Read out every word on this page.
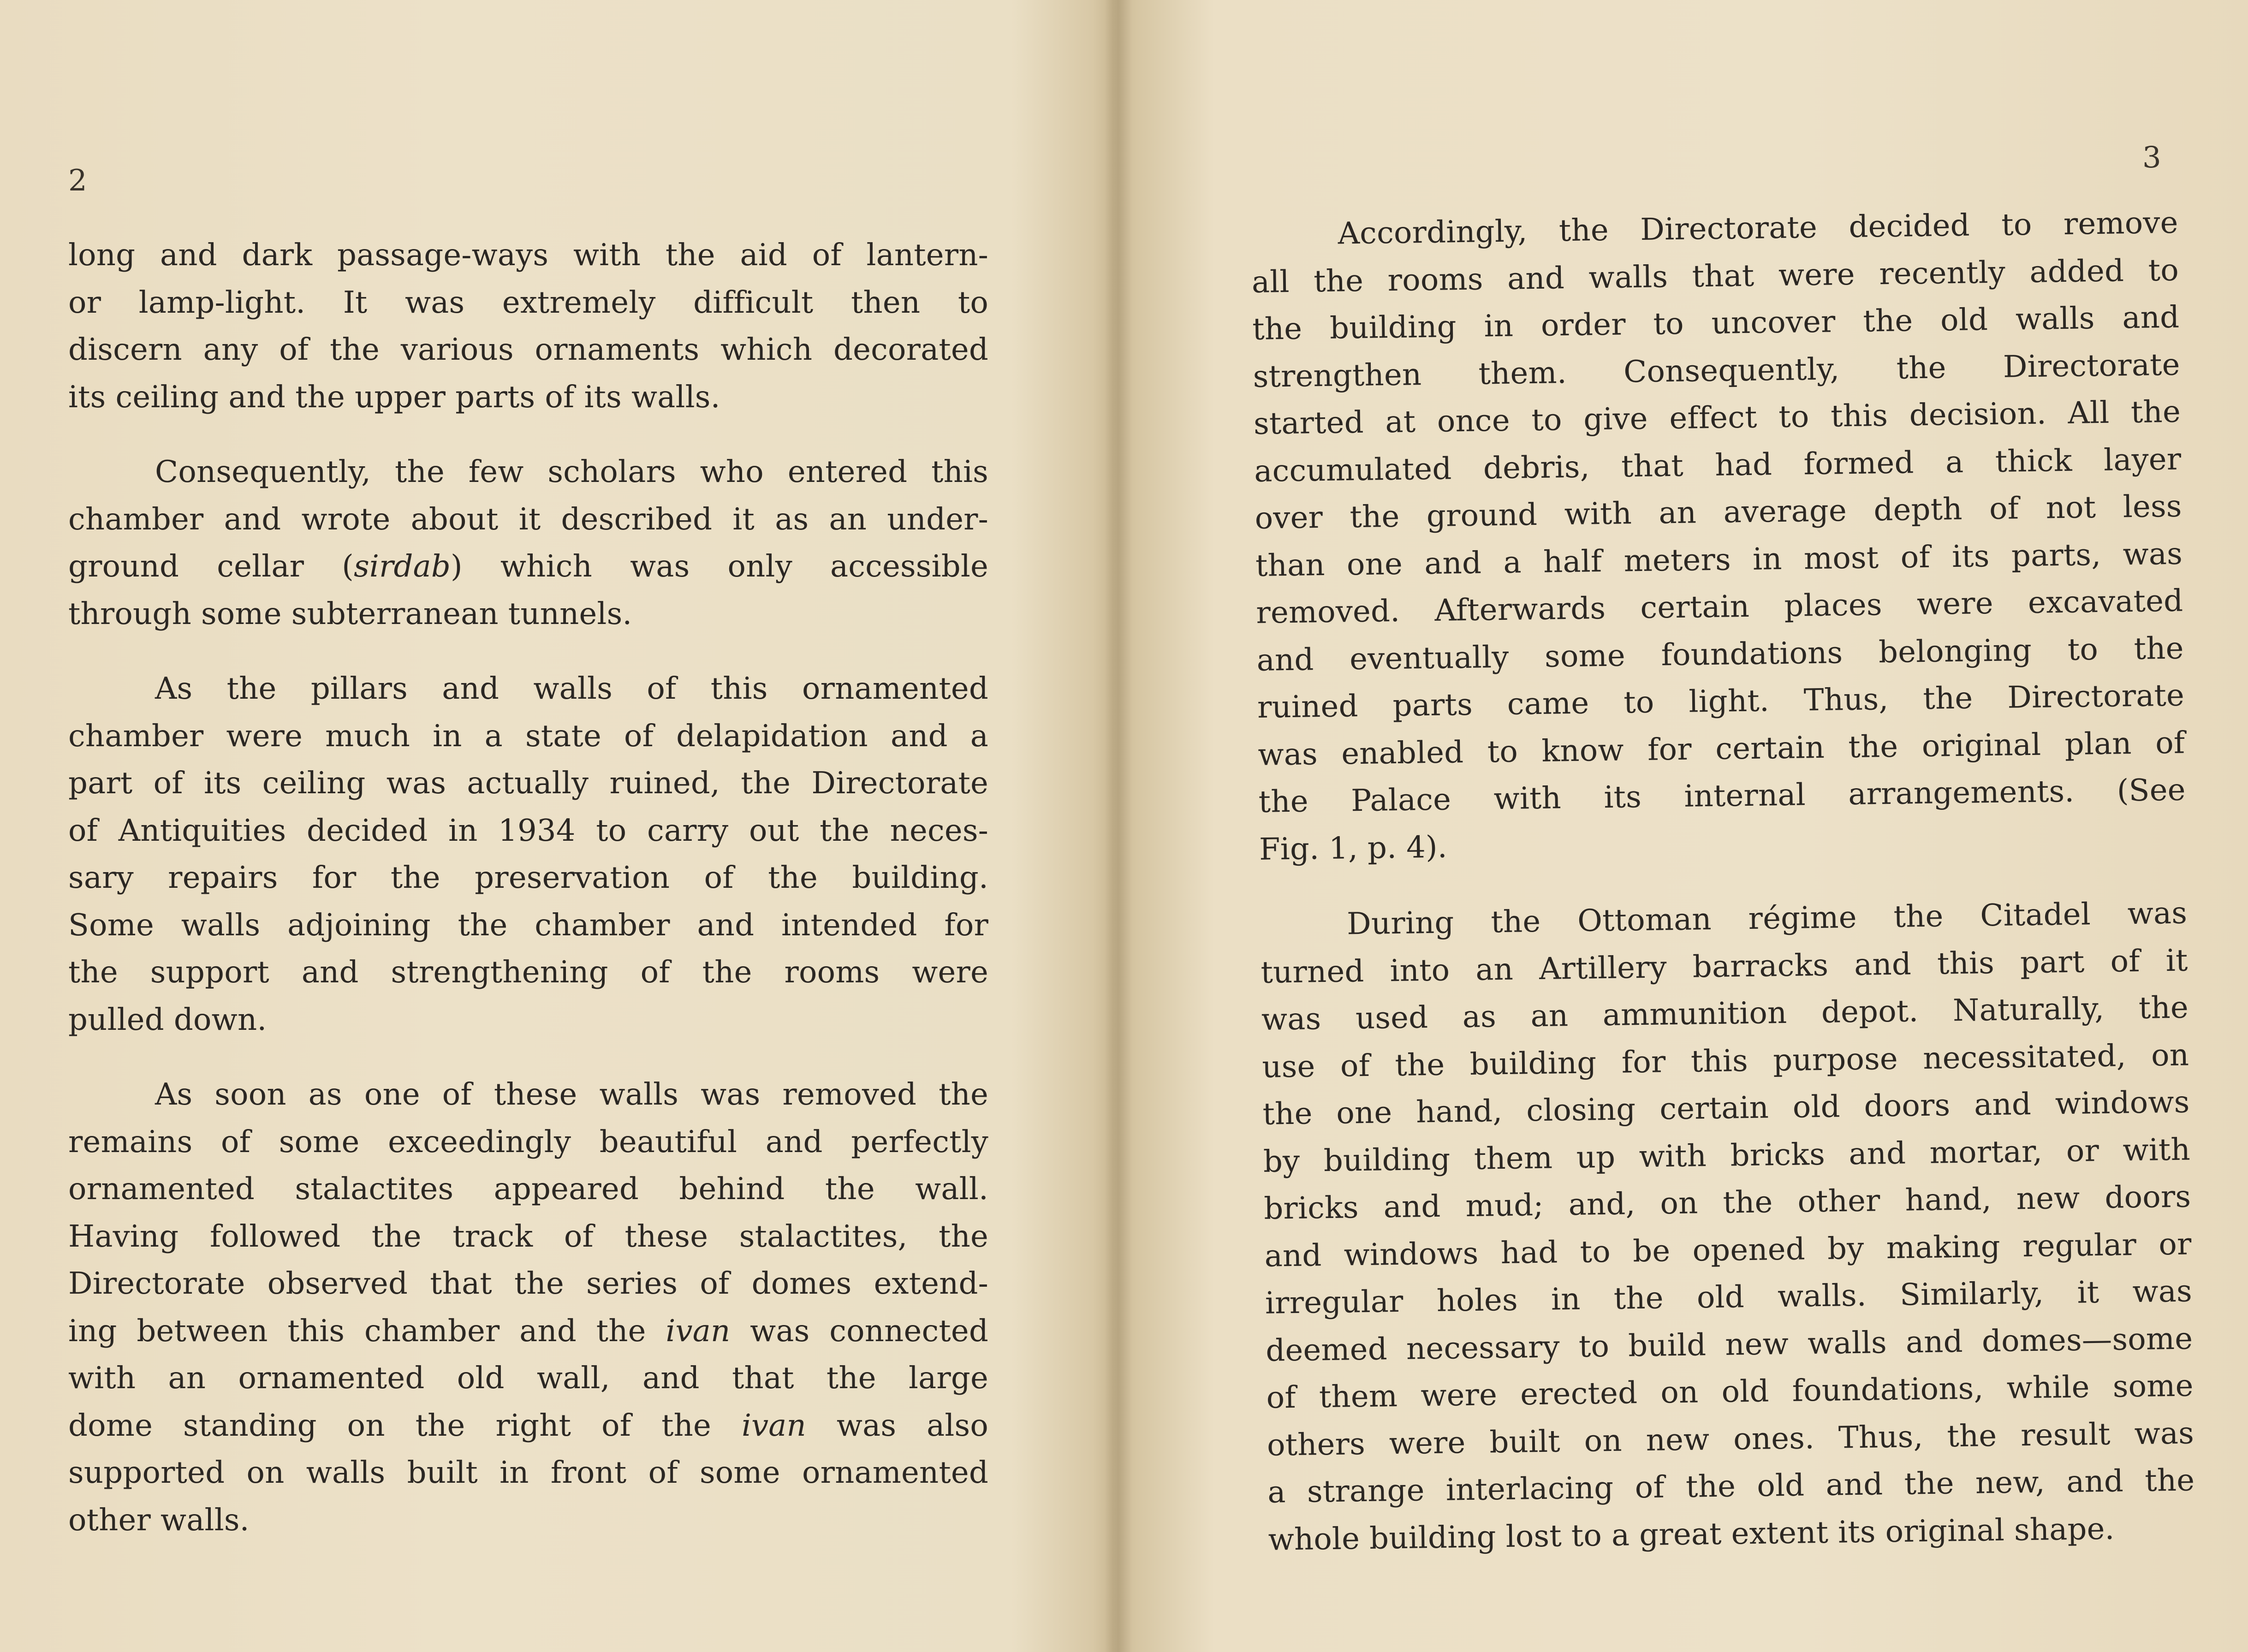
2
long and dark passage-ways with the aid of lantern-
or lamp-light. It was extremely difficult then to
discern any of the various ornaments which decorated
its ceiling and the upper parts of its walls.
Consequently, the few scholars who entered this
chamber and wrote about it described it as an under-
ground cellar (sirdab) which was only accessible
through some subterranean tunnels.
As the pillars and walls of this ornamented
chamber were much in a state of delapidation and a
part of its ceiling was actually ruined, the Directorate
of Antiquities decided in 1934 to carry out the neces-
sary repairs for the preservation of the building.
Some walls adjoining the chamber and intended for
the support and strengthening of the rooms were
pulled down.
As soon as one of these walls was removed the
remains of some exceedingly beautiful and perfectly
ornamented stalactites appeared behind the wall.
Having followed the track of these stalactites, the
Directorate observed that the series of domes extend-
ing between this chamber and the ivan was connected
with an ornamented old wall, and that the large
dome standing on the right of the ivan was also
supported on walls built in front of some ornamented
other walls.
3
Accordingly, the Directorate decided to remove
all the rooms and walls that were recently added to
the building in order to uncover the old walls and
strengthen them. Consequently, the Directorate
started at once to give effect to this decision. All the
accumulated debris, that had formed a thick layer
over the ground with an average depth of not less
than one and a half meters in most of its parts, was
removed. Afterwards certain places were excavated
and eventually some foundations belonging to the
ruined parts came to light. Thus, the Directorate
was enabled to know for certain the original plan of
the Palace with its internal arrangements. (See
Fig. 1, p. 4).
During the Ottoman régime the Citadel was
turned into an Artillery barracks and this part of it
was used as an ammunition depot. Naturally, the
use of the building for this purpose necessitated, on
the one hand, closing certain old doors and windows
by building them up with bricks and mortar, or with
bricks and mud; and, on the other hand, new doors
and windows had to be opened by making regular or
irregular holes in the old walls. Similarly, it was
deemed necessary to build new walls and domes—some
of them were erected on old foundations, while some
others were built on new ones. Thus, the result was
a strange interlacing of the old and the new, and the
whole building lost to a great extent its original shape.
